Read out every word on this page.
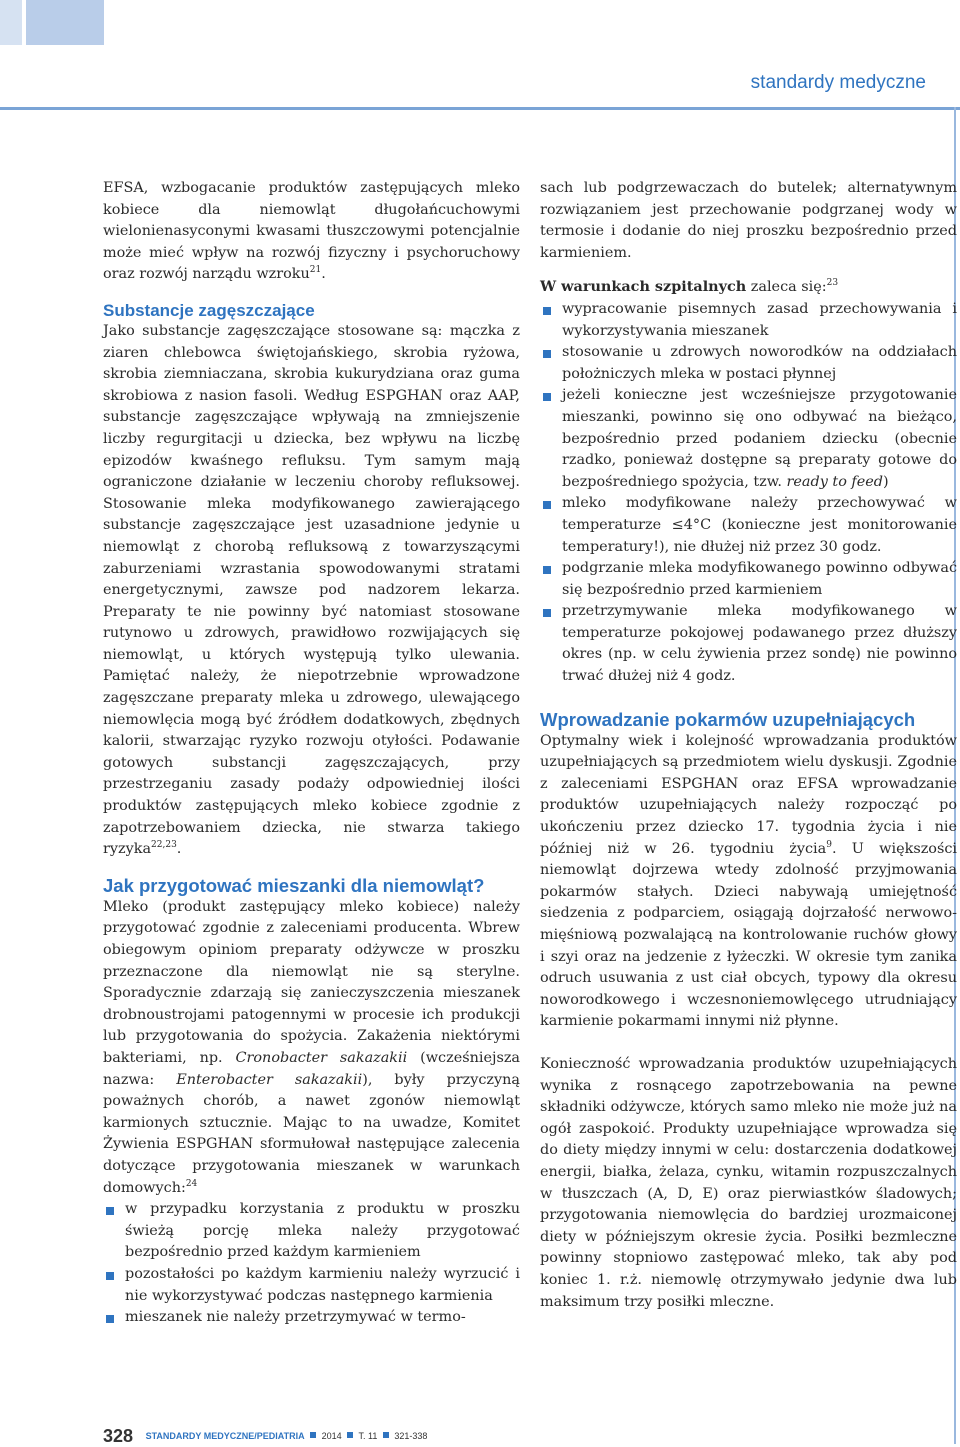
standardy medyczne

EFSA, wzbogacanie produktów zastępujących mleko kobiece dla niemowląt długołańcuchowymi wielonienasyconymi kwasami tłuszczowymi potencjalnie może mieć wpływ na rozwój fizyczny i psychoruchowy oraz rozwój narządu wzroku$^{21}$.

Substancje zagęszczające

Jako substancje zagęszczające stosowane są: mączka z ziaren chlebowca świętojańskiego, skrobia ryżowa, skrobia ziemniaczana, skrobia kukurydziana oraz guma skrobiowa z nasion fasoli. Według ESPGHAN oraz AAP, substancje zagęszczające wpływają na zmniejszenie liczby regurgitacji u dziecka, bez wpływu na liczbę epizodów kwaśnego refluksu. Tym samym mają ograniczone działanie w leczeniu choroby refluksowej. Stosowanie mleka modyfikowanego zawierającego substancje zagęszczające jest uzasadnione jedynie u niemowląt z chorobą refluksową z towarzyszącymi zaburzeniami wzrastania spowodowanymi stratami energetycznymi, zawsze pod nadzorem lekarza. Preparaty te nie powinny być natomiast stosowane rutynowo u zdrowych, prawidłowo rozwijających się niemowląt, u których występują tylko ulewania. Pamiętać należy, że niepotrzebnie wprowadzone zagęszczane preparaty mleka u zdrowego, ulewającego niemowlęcia mogą być źródłem dodatkowych, zbędnych kalorii, stwarzając ryzyko rozwoju otyłości. Podawanie gotowych substancji zagęszczających, przy przestrzeganiu zasady podaży odpowiedniej ilości produktów zastępujących mleko kobiece zgodnie z zapotrzebowaniem dziecka, nie stwarza takiego ryzyka$^{22,23}$.

Jak przygotować mieszanki dla niemowląt?

Mleko (produkt zastępujący mleko kobiece) należy przygotować zgodnie z zaleceniami producenta. Wbrew obiegowym opiniom preparaty odżywcze w proszku przeznaczone dla niemowląt nie są sterylne. Sporadycznie zdarzają się zanieczyszczenia mieszanek drobnoustrojami patogennymi w procesie ich produkcji lub przygotowania do spożycia. Zakażenia niektórymi bakteriami, np. Cronobacter sakazakii (wcześniejsza nazwa: Enterobacter sakazakii), były przyczyną poważnych chorób, a nawet zgonów niemowląt karmionych sztucznie. Mając to na uwadze, Komitet Żywienia ESPGHAN sformułował następujące zalecenia dotyczące przygotowania mieszanek w warunkach domowych:$^{24}$

w przypadku korzystania z produktu w proszku świeżą porcję mleka należy przygotować bezpośrednio przed każdym karmieniem
pozostałości po każdym karmieniu należy wyrzucić i nie wykorzystywać podczas następnego karmienia
mieszanek nie należy przetrzymywać w termo-

sach lub podgrzewaczach do butelek; alternatywnym rozwiązaniem jest przechowanie podgrzanej wody w termosie i dodanie do niej proszku bezpośrednio przed karmieniem.

W warunkach szpitalnych zaleca się:$^{23}$

wypracowanie pisemnych zasad przechowywania i wykorzystywania mieszanek
stosowanie u zdrowych noworodków na oddziałach położniczych mleka w postaci płynnej
jeżeli konieczne jest wcześniejsze przygotowanie mieszanki, powinno się ono odbywać na bieżąco, bezpośrednio przed podaniem dziecku (obecnie rzadko, ponieważ dostępne są preparaty gotowe do bezpośredniego spożycia, tzw. ready to feed)
mleko modyfikowane należy przechowywać w temperaturze ≤4°C (konieczne jest monitorowanie temperatury!), nie dłużej niż przez 30 godz.
podgrzanie mleka modyfikowanego powinno odbywać się bezpośrednio przed karmieniem
przetrzymywanie mleka modyfikowanego w temperaturze pokojowej podawanego przez dłuższy okres (np. w celu żywienia przez sondę) nie powinno trwać dłużej niż 4 godz.
Wprowadzanie pokarmów uzupełniających

Optymalny wiek i kolejność wprowadzania produktów uzupełniających są przedmiotem wielu dyskusji. Zgodnie z zaleceniami ESPGHAN oraz EFSA wprowadzanie produktów uzupełniających należy rozpocząć po ukończeniu przez dziecko 17. tygodnia życia i nie później niż w 26. tygodniu życia$^9$. U większości niemowląt dojrzewa wtedy zdolność przyjmowania pokarmów stałych. Dzieci nabywają umiejętność siedzenia z podparciem, osiągają dojrzałość nerwowo-mięśniową pozwalającą na kontrolowanie ruchów głowy i szyi oraz na jedzenie z łyżeczki. W okresie tym zanika odruch usuwania z ust ciał obcych, typowy dla okresu noworodkowego i wczesnoniemowlęcego utrudniający karmienie pokarmami innymi niż płynne.

Konieczność wprowadzania produktów uzupełniających wynika z rosnącego zapotrzebowania na pewne składniki odżywcze, których samo mleko nie może już na ogół zaspokoić. Produkty uzupełniające wprowadza się do diety między innymi w celu: dostarczenia dodatkowej energii, białka, żelaza, cynku, witamin rozpuszczalnych w tłuszczach (A, D, E) oraz pierwiastków śladowych; przygotowania niemowlęcia do bardziej urozmaiconej diety w późniejszym okresie życia. Posiłki bezmleczne powinny stopniowo zastępować mleko, tak aby pod koniec 1. r.ż. niemowlę otrzymywało jedynie dwa lub maksimum trzy posiłki mleczne.

328 STANDARDY MEDYCZNE/PEDIATRIA 2014 T. 11 321-338
